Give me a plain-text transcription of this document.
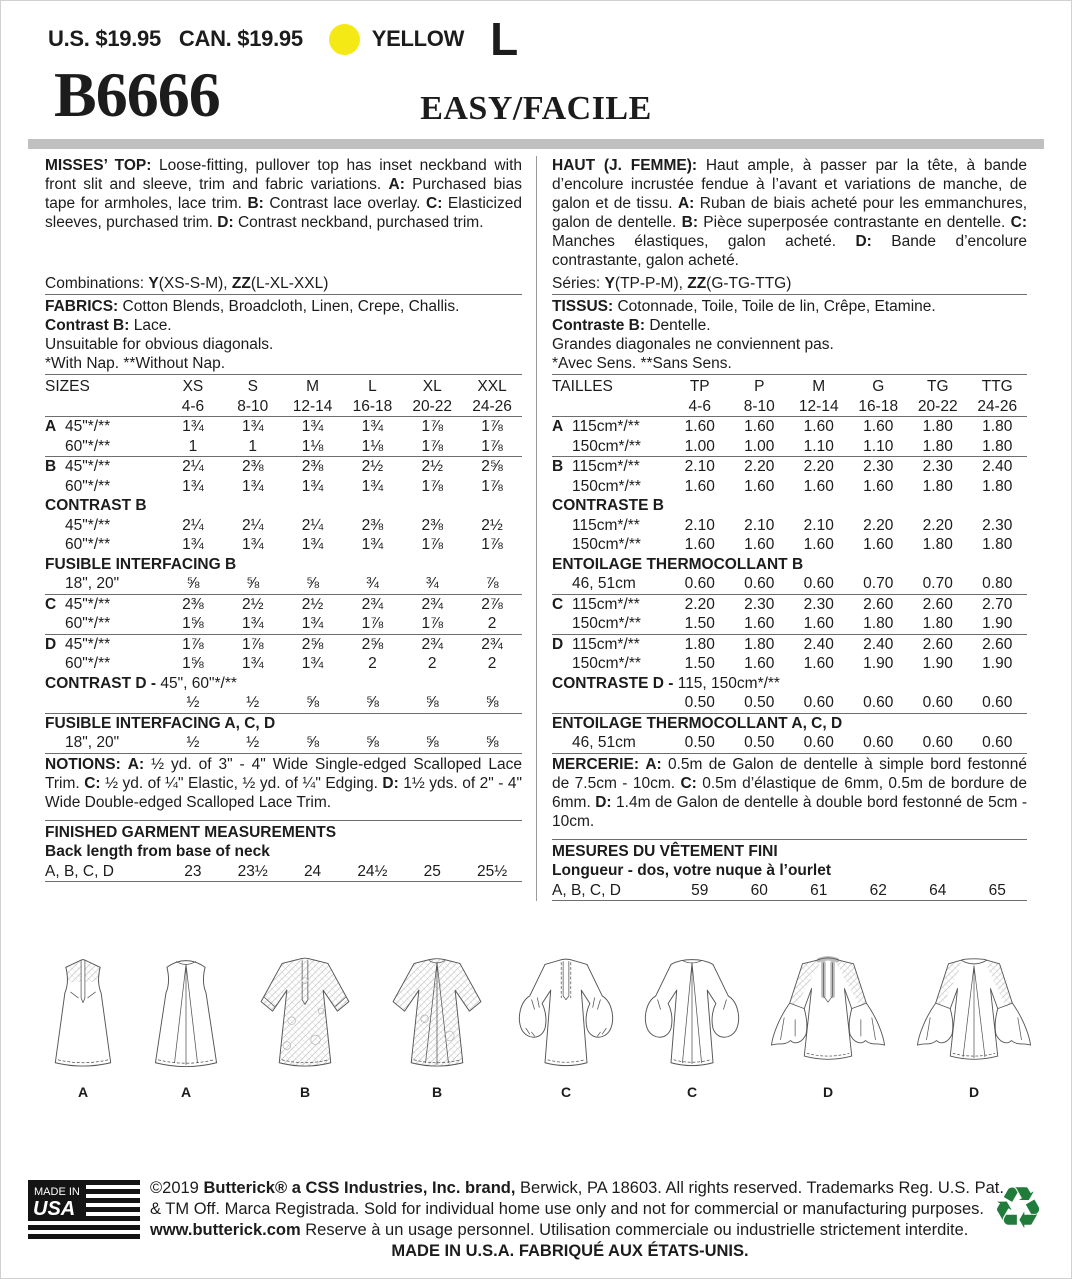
U.S. $19.95 CAN. $19.95	YELLOW L
B6666	EASY/FACILE
MISSES’ TOP: Loose-fitting, pullover top has inset neckband with front slit and sleeve, trim and fabric variations. A: Purchased bias tape for armholes, lace trim. B: Contrast lace overlay. C: Elasticized sleeves, purchased trim. D: Contrast neckband, purchased trim.
Combinations: Y(XS-S-M), ZZ(L-XL-XXL)
FABRICS: Cotton Blends, Broadcloth, Linen, Crepe, Challis.
Contrast B: Lace.
Unsuitable for obvious diagonals.
*With Nap. **Without Nap.
SIZES	XS	S	M	L	XL	XXL
4-6	8-10	12-14	16-18	20-22	24-26
A 45"*/**	1¾	1¾	1¾	1¾	1⅞	1⅞
60"*/**	1	1	1⅛	1⅛	1⅞	1⅞
B 45"*/**	2¼	2⅜	2⅜	2½	2½	2⅝
60"*/**	1¾	1¾	1¾	1¾	1⅞	1⅞
CONTRAST B
45"*/**	2¼	2¼	2¼	2⅜	2⅜	2½
60"*/**	1¾	1¾	1¾	1¾	1⅞	1⅞
FUSIBLE INTERFACING B
18", 20"	⅝	⅝	⅝	¾	¾	⅞
C 45"*/**	2⅜	2½	2½	2¾	2¾	2⅞
60"*/**	1⅝	1¾	1¾	1⅞	1⅞	2
D 45"*/**	1⅞	1⅞	2⅝	2⅝	2¾	2¾
60"*/**	1⅝	1¾	1¾	2	2	2
CONTRAST D - 45", 60"*/**
½	½	⅝	⅝	⅝	⅝
FUSIBLE INTERFACING A, C, D
18", 20"	½	½	⅝	⅝	⅝	⅝
NOTIONS: A: ½ yd. of 3" - 4" Wide Single-edged Scalloped Lace Trim. C: ½ yd. of ¼" Elastic, ½ yd. of ¼" Edging. D: 1½ yds. of 2" - 4" Wide Double-edged Scalloped Lace Trim.
FINISHED GARMENT MEASUREMENTS
Back length from base of neck
A, B, C, D	23	23½	24	24½	25	25½
HAUT (J. FEMME): Haut ample, à passer par la tête, à bande d’encolure incrustée fendue à l’avant et variations de manche, de galon et de tissu. A: Ruban de biais acheté pour les emmanchures, galon de dentelle. B: Pièce superposée contrastante en dentelle. C: Manches élastiques, galon acheté. D: Bande d’encolure contrastante, galon acheté.
Séries: Y(TP-P-M), ZZ(G-TG-TTG)
TISSUS: Cotonnade, Toile, Toile de lin, Crêpe, Etamine.
Contraste B: Dentelle.
Grandes diagonales ne conviennent pas.
*Avec Sens. **Sans Sens.
TAILLES	TP	P	M	G	TG	TTG
4-6	8-10	12-14	16-18	20-22	24-26
A 115cm*/**	1.60	1.60	1.60	1.60	1.80	1.80
150cm*/**	1.00	1.00	1.10	1.10	1.80	1.80
B 115cm*/**	2.10	2.20	2.20	2.30	2.30	2.40
150cm*/**	1.60	1.60	1.60	1.60	1.80	1.80
CONTRASTE B
115cm*/**	2.10	2.10	2.10	2.20	2.20	2.30
150cm*/**	1.60	1.60	1.60	1.60	1.80	1.80
ENTOILAGE THERMOCOLLANT B
46, 51cm	0.60	0.60	0.60	0.70	0.70	0.80
C 115cm*/**	2.20	2.30	2.30	2.60	2.60	2.70
150cm*/**	1.50	1.60	1.60	1.80	1.80	1.90
D 115cm*/**	1.80	1.80	2.40	2.40	2.60	2.60
150cm*/**	1.50	1.60	1.60	1.90	1.90	1.90
CONTRASTE D - 115, 150cm*/**
0.50	0.50	0.60	0.60	0.60	0.60
ENTOILAGE THERMOCOLLANT A, C, D
46, 51cm	0.50	0.50	0.60	0.60	0.60	0.60
MERCERIE: A: 0.5m de Galon de dentelle à simple bord festonné de 7.5cm - 10cm. C: 0.5m d’élastique de 6mm, 0.5m de bordure de 6mm. D: 1.4m de Galon de dentelle à double bord festonné de 5cm - 10cm.
MESURES DU VÊTEMENT FINI
Longueur - dos, votre nuque à l’ourlet
A, B, C, D	59	60	61	62	64	65
A	A	B	B	C	C	D	D
MADE IN
USA
©2019 Butterick® a CSS Industries, Inc. brand, Berwick, PA 18603. All rights reserved. Trademarks Reg. U.S. Pat.
& TM Off. Marca Registrada. Sold for individual home use only and not for commercial or manufacturing purposes.
www.butterick.com Reserve à un usage personnel. Utilisation commerciale ou industrielle strictement interdite.
MADE IN U.S.A. FABRIQUÉ AUX ÉTATS-UNIS.
♻
